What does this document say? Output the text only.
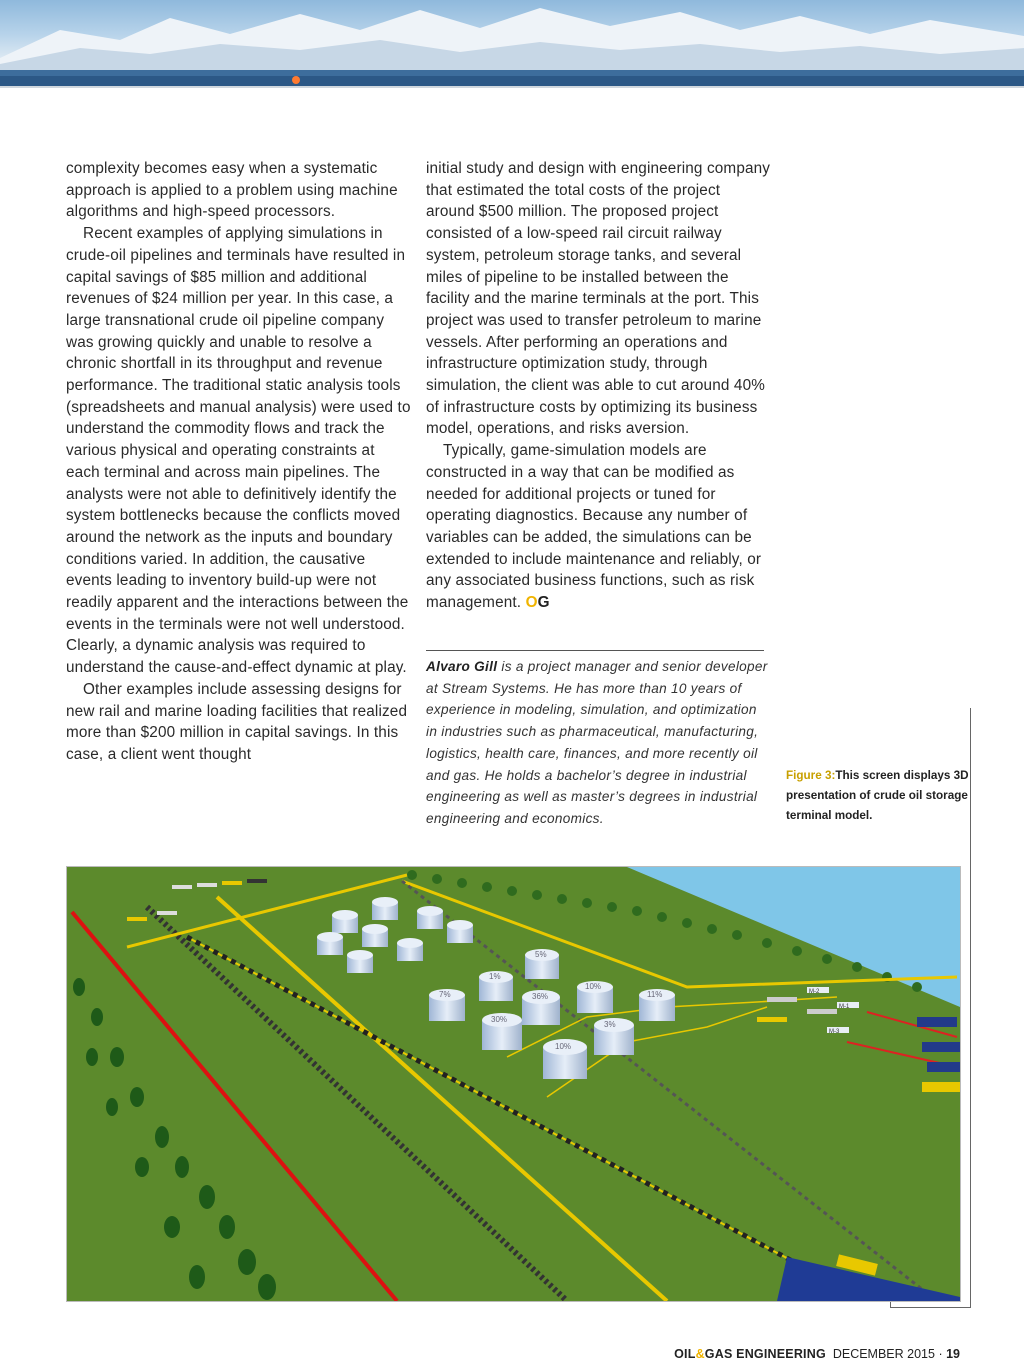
complexity becomes easy when a systematic approach is applied to a problem using machine algorithms and high-speed processors.

Recent examples of applying simulations in crude-oil pipelines and terminals have resulted in capital savings of $85 million and additional revenues of $24 million per year. In this case, a large transnational crude oil pipeline company was growing quickly and unable to resolve a chronic shortfall in its throughput and revenue performance. The traditional static analysis tools (spreadsheets and manual analysis) were used to understand the commodity flows and track the various physical and operating constraints at each terminal and across main pipelines. The analysts were not able to definitively identify the system bottlenecks because the conflicts moved around the network as the inputs and boundary conditions varied. In addition, the causative events leading to inventory build-up were not readily apparent and the interactions between the events in the terminals were not well understood. Clearly, a dynamic analysis was required to understand the cause-and-effect dynamic at play.

Other examples include assessing designs for new rail and marine loading facilities that realized more than $200 million in capital savings. In this case, a client went thought

initial study and design with engineering company that estimated the total costs of the project around $500 million. The proposed project consisted of a low-speed rail circuit railway system, petroleum storage tanks, and several miles of pipeline to be installed between the facility and the marine terminals at the port. This project was used to transfer petroleum to marine vessels. After performing an operations and infrastructure optimization study, through simulation, the client was able to cut around 40% of infrastructure costs by optimizing its business model, operations, and risks aversion.

Typically, game-simulation models are constructed in a way that can be modified as needed for additional projects or tuned for operating diagnostics. Because any number of variables can be added, the simulations can be extended to include maintenance and reliably, or any associated business functions, such as risk management. OG

Alvaro Gill is a project manager and senior developer at Stream Systems. He has more than 10 years of experience in modeling, simulation, and optimization in industries such as pharmaceutical, manufacturing, logistics, health care, finances, and more recently oil and gas. He holds a bachelor’s degree in industrial engineering as well as master’s degrees in industrial engineering and economics.
Figure 3:This screen displays 3D presentation of crude oil storage terminal model.
1%
5%
10%
7%	36%
30%
3%
11%
10%
M-1
M-2
M-3
OIL&GAS ENGINEERING DECEMBER 2015 · 19
